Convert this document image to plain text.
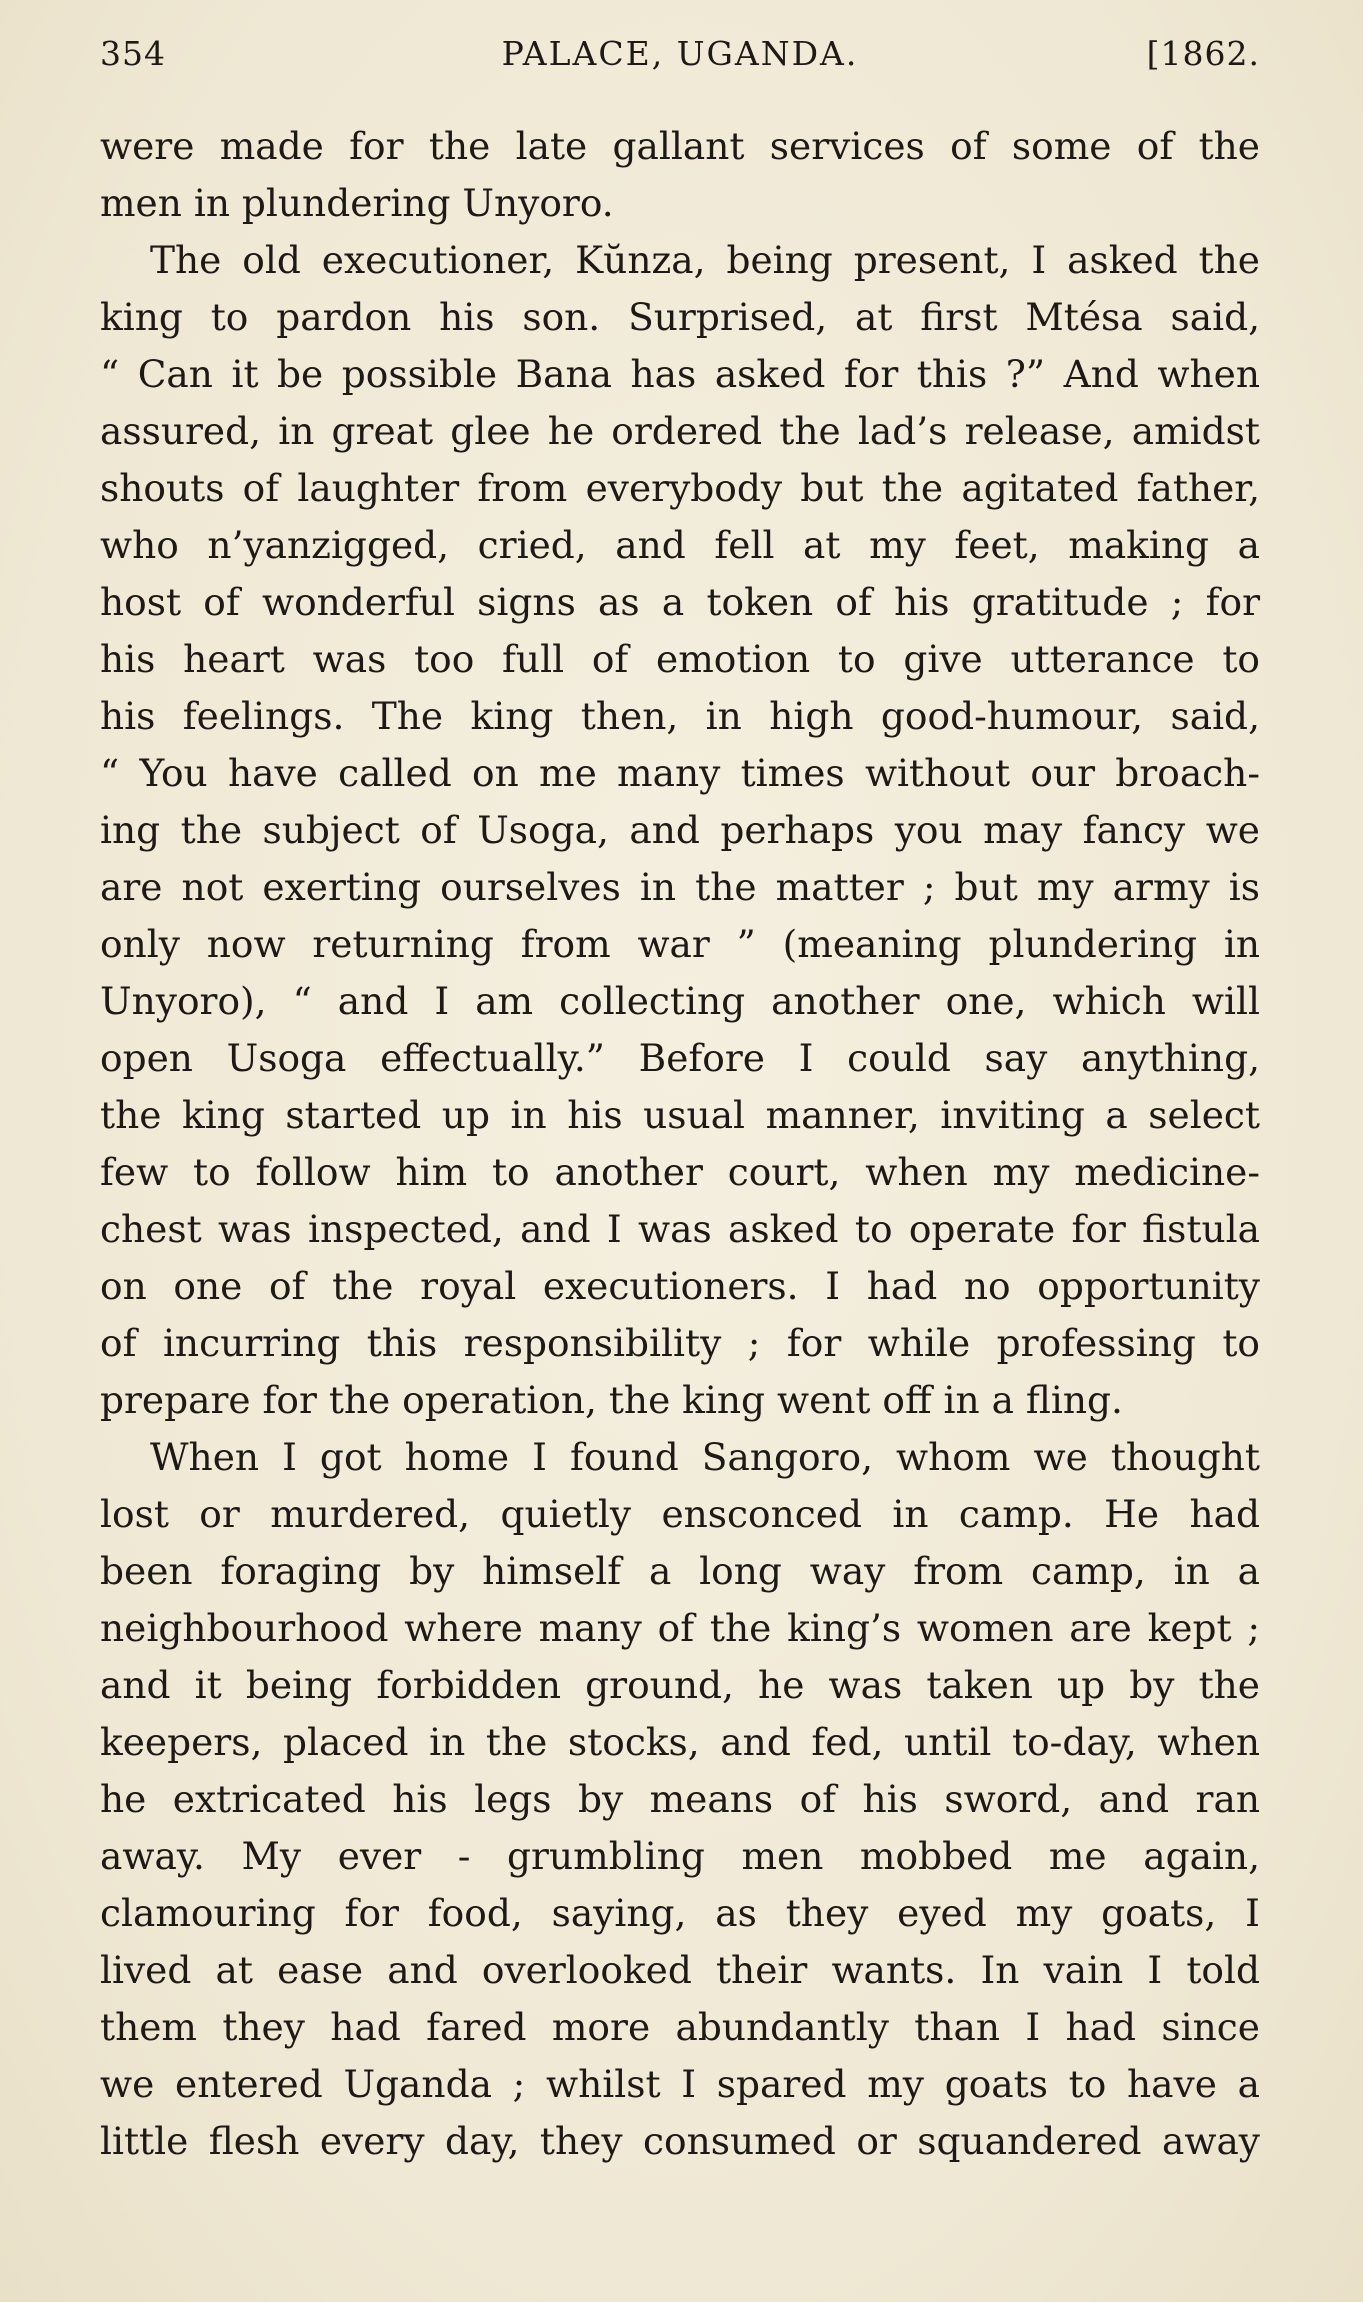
354	PALACE, UGANDA.	[1862.
were made for the late gallant services of some of the
men in plundering Unyoro.
The old executioner, Kŭnza, being present, I asked the
king to pardon his son. Surprised, at first Mtésa said,
“ Can it be possible Bana has asked for this ?” And when
assured, in great glee he ordered the lad’s release, amidst
shouts of laughter from everybody but the agitated father,
who n’yanzigged, cried, and fell at my feet, making a
host of wonderful signs as a token of his gratitude ; for
his heart was too full of emotion to give utterance to
his feelings. The king then, in high good-humour, said,
“ You have called on me many times without our broach-
ing the subject of Usoga, and perhaps you may fancy we
are not exerting ourselves in the matter ; but my army is
only now returning from war ” (meaning plundering in
Unyoro), “ and I am collecting another one, which will
open Usoga effectually.” Before I could say anything,
the king started up in his usual manner, inviting a select
few to follow him to another court, when my medicine-
chest was inspected, and I was asked to operate for fistula
on one of the royal executioners. I had no opportunity
of incurring this responsibility ; for while professing to
prepare for the operation, the king went off in a fling.
When I got home I found Sangoro, whom we thought
lost or murdered, quietly ensconced in camp. He had
been foraging by himself a long way from camp, in a
neighbourhood where many of the king’s women are kept ;
and it being forbidden ground, he was taken up by the
keepers, placed in the stocks, and fed, until to-day, when
he extricated his legs by means of his sword, and ran
away. My ever - grumbling men mobbed me again,
clamouring for food, saying, as they eyed my goats, I
lived at ease and overlooked their wants. In vain I told
them they had fared more abundantly than I had since
we entered Uganda ; whilst I spared my goats to have a
little flesh every day, they consumed or squandered away
